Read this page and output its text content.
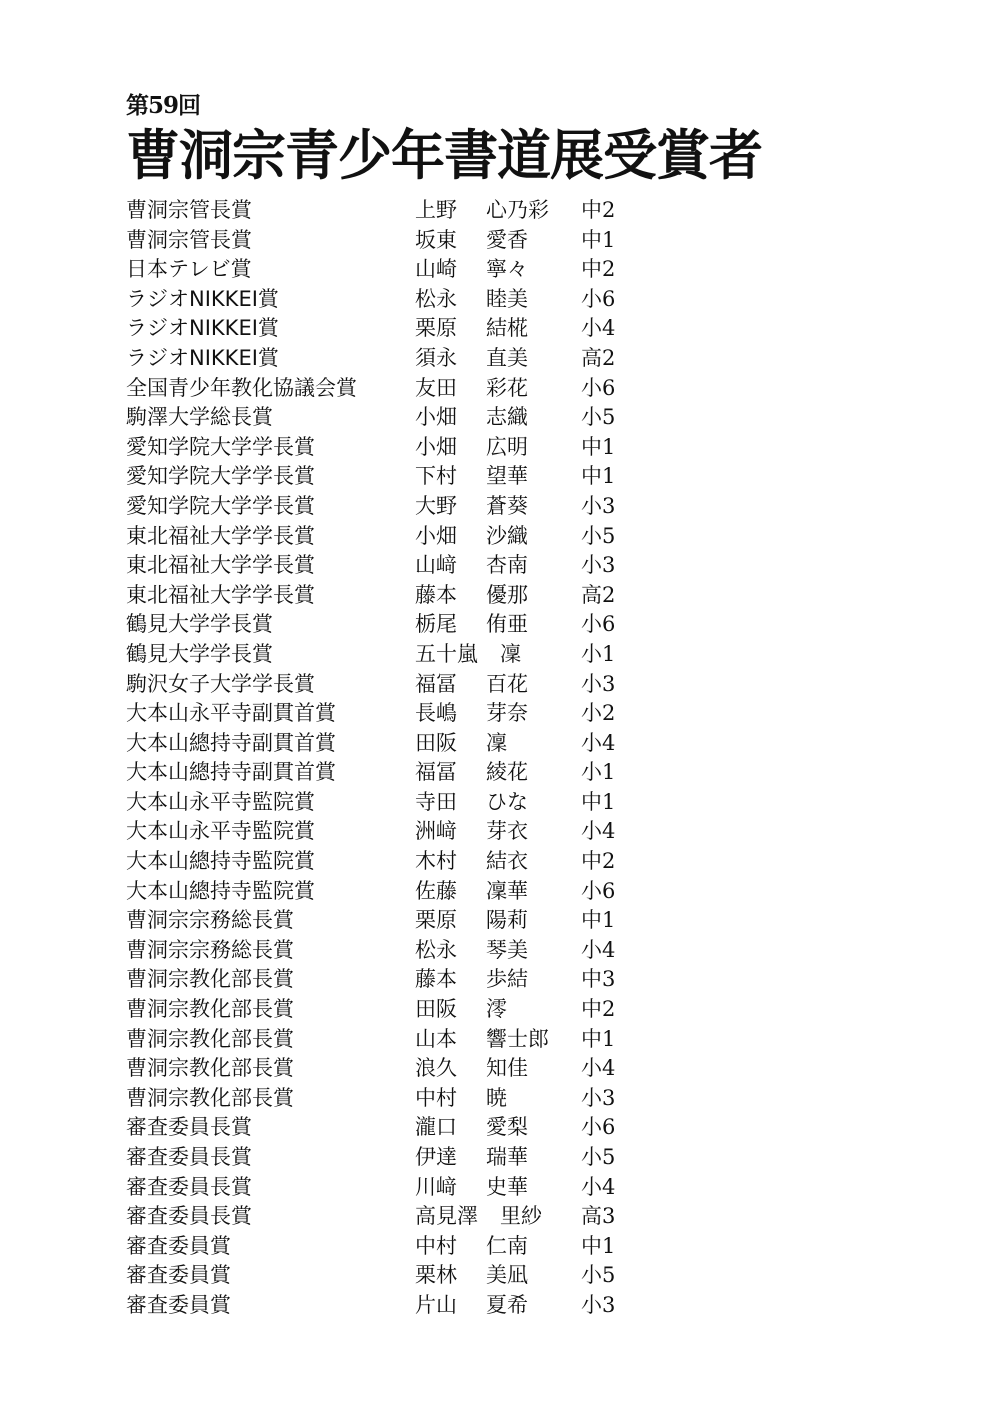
第59回
曹洞宗青少年書道展受賞者
曹洞宗管長賞	上野 心乃彩 中2
曹洞宗管長賞	坂東 愛香	中1
日本テレビ賞	山崎 寧々	中2
ラジオNIKKEI賞	松永 睦美	小6
ラジオNIKKEI賞	栗原 結椛	小4
ラジオNIKKEI賞	須永 直美	高2
全国青少年教化協議会賞	友田 彩花	小6
駒澤大学総長賞	小畑 志織	小5
愛知学院大学学長賞	小畑 広明	中1
愛知学院大学学長賞	下村 望華	中1
愛知学院大学学長賞	大野 蒼葵	小3
東北福祉大学学長賞	小畑 沙織	小5
東北福祉大学学長賞	山﨑 杏南	小3
東北福祉大学学長賞	藤本 優那	高2
鶴見大学学長賞	栃尾 侑亜	小6
鶴見大学学長賞	五十嵐 凜	小1
駒沢女子大学学長賞	福冨 百花	小3
大本山永平寺副貫首賞	長嶋 芽奈	小2
大本山總持寺副貫首賞	田阪 凜	小4
大本山總持寺副貫首賞	福冨 綾花	小1
大本山永平寺監院賞	寺田 ひな	中1
大本山永平寺監院賞	洲﨑 芽衣	小4
大本山總持寺監院賞	木村 結衣	中2
大本山總持寺監院賞	佐藤 凜華	小6
曹洞宗宗務総長賞	栗原 陽莉	中1
曹洞宗宗務総長賞	松永 琴美	小4
曹洞宗教化部長賞	藤本 歩結	中3
曹洞宗教化部長賞	田阪 澪	中2
曹洞宗教化部長賞	山本 響士郎 中1
曹洞宗教化部長賞	浪久 知佳	小4
曹洞宗教化部長賞	中村 暁	小3
審査委員長賞	瀧口 愛梨	小6
審査委員長賞	伊達 瑞華	小5
審査委員長賞	川﨑 史華	小4
審査委員長賞	高見澤 里紗 高3
審査委員賞	中村 仁南	中1
審査委員賞	栗林 美凪	小5
審査委員賞	片山 夏希	小3
